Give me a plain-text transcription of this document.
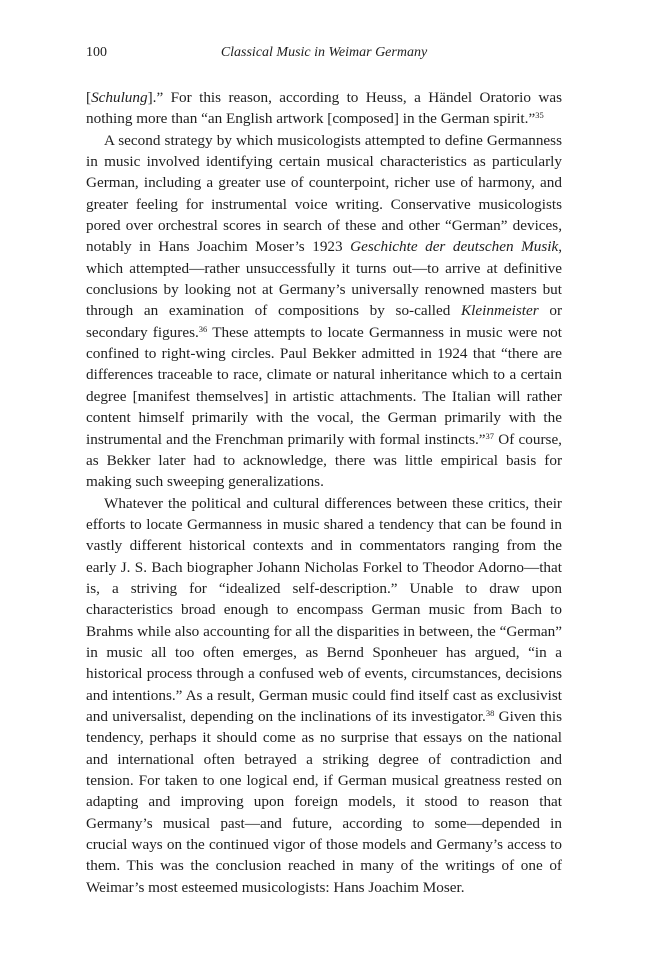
100	Classical Music in Weimar Germany

[Schulung].” For this reason, according to Heuss, a Händel Oratorio was nothing more than “an English artwork [composed] in the German spirit.”$^{35}$

A second strategy by which musicologists attempted to define Germanness in music involved identifying certain musical characteristics as particularly German, including a greater use of counterpoint, richer use of harmony, and greater feeling for instrumental voice writing. Conservative musicologists pored over orchestral scores in search of these and other “German” devices, notably in Hans Joachim Moser’s 1923 Geschichte der deutschen Musik, which attempted—rather unsuccessfully it turns out—to arrive at definitive conclusions by looking not at Germany’s universally renowned masters but through an examination of compositions by so-called Kleinmeister or secondary figures.$^{36}$ These attempts to locate Germanness in music were not confined to right-wing circles. Paul Bekker admitted in 1924 that “there are differences traceable to race, climate or natural inheritance which to a certain degree [manifest themselves] in artistic attachments. The Italian will rather content himself primarily with the vocal, the German primarily with the instrumental and the Frenchman primarily with formal instincts.”$^{37}$ Of course, as Bekker later had to acknowledge, there was little empirical basis for making such sweeping generalizations.

Whatever the political and cultural differences between these critics, their efforts to locate Germanness in music shared a tendency that can be found in vastly different historical contexts and in commentators ranging from the early J. S. Bach biographer Johann Nicholas Forkel to Theodor Adorno—that is, a striving for “idealized self-description.” Unable to draw upon characteristics broad enough to encompass German music from Bach to Brahms while also accounting for all the disparities in between, the “German” in music all too often emerges, as Bernd Sponheuer has argued, “in a historical process through a confused web of events, circumstances, decisions and intentions.” As a result, German music could find itself cast as exclusivist and universalist, depending on the inclinations of its investigator.$^{38}$ Given this tendency, perhaps it should come as no surprise that essays on the national and international often betrayed a striking degree of contradiction and tension. For taken to one logical end, if German musical greatness rested on adapting and improving upon foreign models, it stood to reason that Germany’s musical past—and future, according to some—depended in crucial ways on the continued vigor of those models and Germany’s access to them. This was the conclusion reached in many of the writings of one of Weimar’s most esteemed musicologists: Hans Joachim Moser.
